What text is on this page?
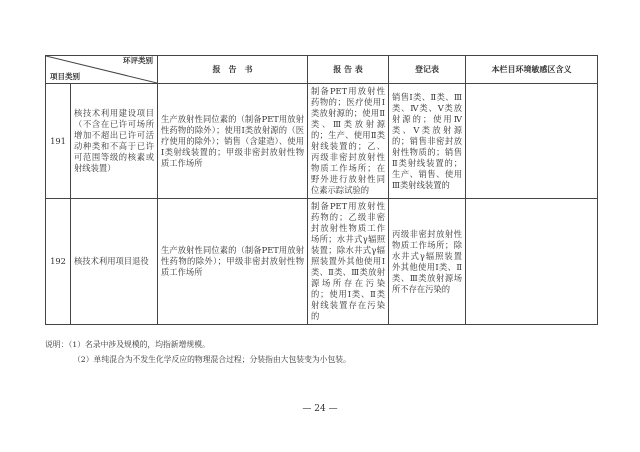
环评类别
项目类别		报　告　书	报 告 表	登记表	本栏目环境敏感区含义
191	核技术利用建设项目（不含在已许可场所增加不超出已许可活动种类和不高于已许可范围等级的核素或射线装置）	生产放射性同位素的（制备PET用放射性药物的除外）；使用Ⅰ类放射源的（医疗使用的除外）；销售（含建造）、使用Ⅰ类射线装置的；甲级非密封放射性物质工作场所	制备PET用放射性药物的；医疗使用Ⅰ类放射源的；使用Ⅱ类、Ⅲ类放射源的；生产、使用Ⅱ类射线装置的；乙、丙级非密封放射性物质工作场所；在野外进行放射性同位素示踪试验的	销售Ⅰ类、Ⅱ类、Ⅲ类、Ⅳ类、Ⅴ类放射源的；使用Ⅳ类、Ⅴ类放射源的；销售非密封放射性物质的；销售Ⅱ类射线装置的；生产、销售、使用Ⅲ类射线装置的	
192	核技术利用项目退役	生产放射性同位素的（制备PET用放射性药物的除外）；甲级非密封放射性物质工作场所	制备PET用放射性药物的；乙级非密封放射性物质工作场所；水井式γ辐照装置；除水井式γ辐照装置外其他使用Ⅰ类、Ⅱ类、Ⅲ类放射源场所存在污染的；使用Ⅰ类、Ⅱ类射线装置存在污染的	丙级非密封放射性物质工作场所；除水井式γ辐照装置外其他使用Ⅰ类、Ⅱ类、Ⅲ类放射源场所不存在污染的	
说明：（1）名录中涉及规模的，均指新增规模。
（2）单纯混合为不发生化学反应的物理混合过程；分装指由大包装变为小包装。
— 24 —
